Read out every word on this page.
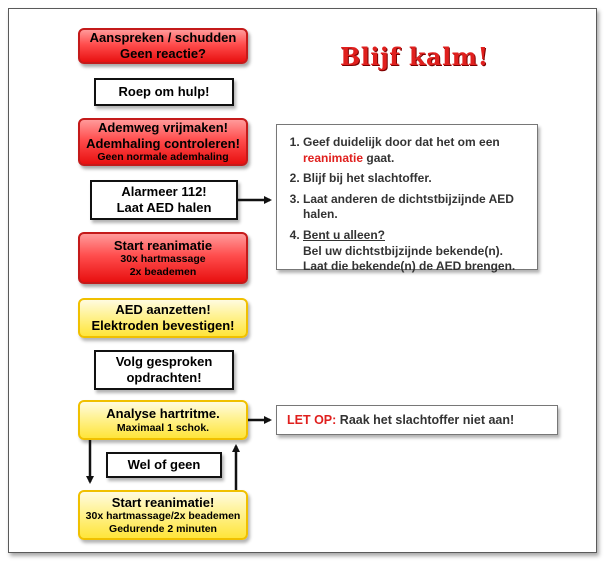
Blijf kalm!
Aanspreken / schudden
Geen reactie?
Roep om hulp!
Ademweg vrijmaken!
Ademhaling controleren!
Geen normale ademhaling
Alarmeer 112!
Laat AED halen
Start reanimatie
30x hartmassage
2x beademen
AED aanzetten!
Elektroden bevestigen!
Volg gesproken
opdrachten!
Analyse hartritme.
Maximaal 1 schok.
Wel of geen
Start reanimatie!
30x hartmassage/2x beademen
Gedurende 2 minuten
1. Geef duidelijk door dat het om een reanimatie gaat.
2. Blijf bij het slachtoffer.
3. Laat anderen de dichtstbijzijnde AED halen.
4. Bent u alleen?
Bel uw dichtstbijzijnde bekende(n).
Laat die bekende(n) de AED brengen.
LET OP:
Raak het slachtoffer niet aan!
